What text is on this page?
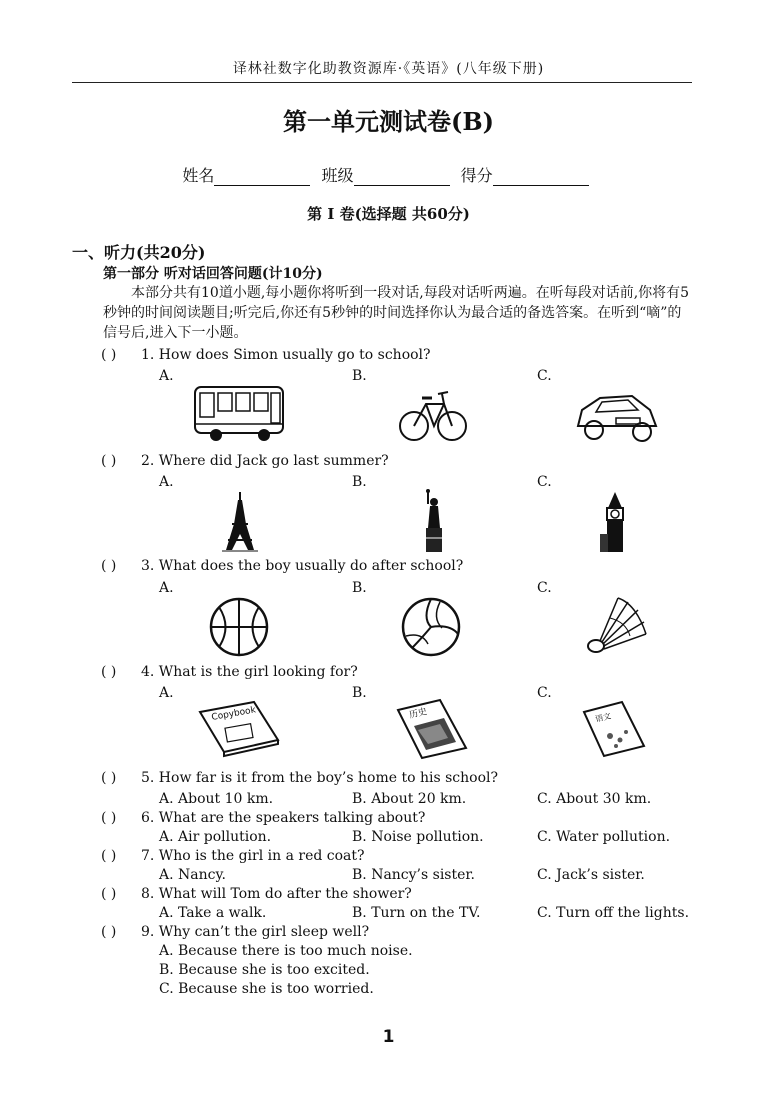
译林社数字化助教资源库·《英语》(八年级下册)
第一单元测试卷(B)
姓名	班级	得分
第 I 卷(选择题 共60分)
一、听力(共20分)
第一部分 听对话回答问题(计10分)
本部分共有10道小题,每小题你将听到一段对话,每段对话听两遍。在听每段对话前,你将有5秒钟的时间阅读题目;听完后,你还有5秒钟的时间选择你认为最合适的备选答案。在听到“嘀”的信号后,进入下一小题。
( ) 1. How does Simon usually go to school?
A.	B.	C.
( ) 2. Where did Jack go last summer?
A.	B.	C.
( ) 3. What does the boy usually do after school?
A.	B.	C.
( ) 4. What is the girl looking for?
A.	B.	C.
Copybook	历史	语文
( ) 5. How far is it from the boy’s home to his school?
A. About 10 km.	B. About 20 km.	C. About 30 km.
( ) 6. What are the speakers talking about?
A. Air pollution.	B. Noise pollution.	C. Water pollution.
( ) 7. Who is the girl in a red coat?
A. Nancy.	B. Nancy’s sister.	C. Jack’s sister.
( ) 8. What will Tom do after the shower?
A. Take a walk.	B. Turn on the TV.	C. Turn off the lights.
( ) 9. Why can’t the girl sleep well?
A. Because there is too much noise.
B. Because she is too excited.
C. Because she is too worried.
1
